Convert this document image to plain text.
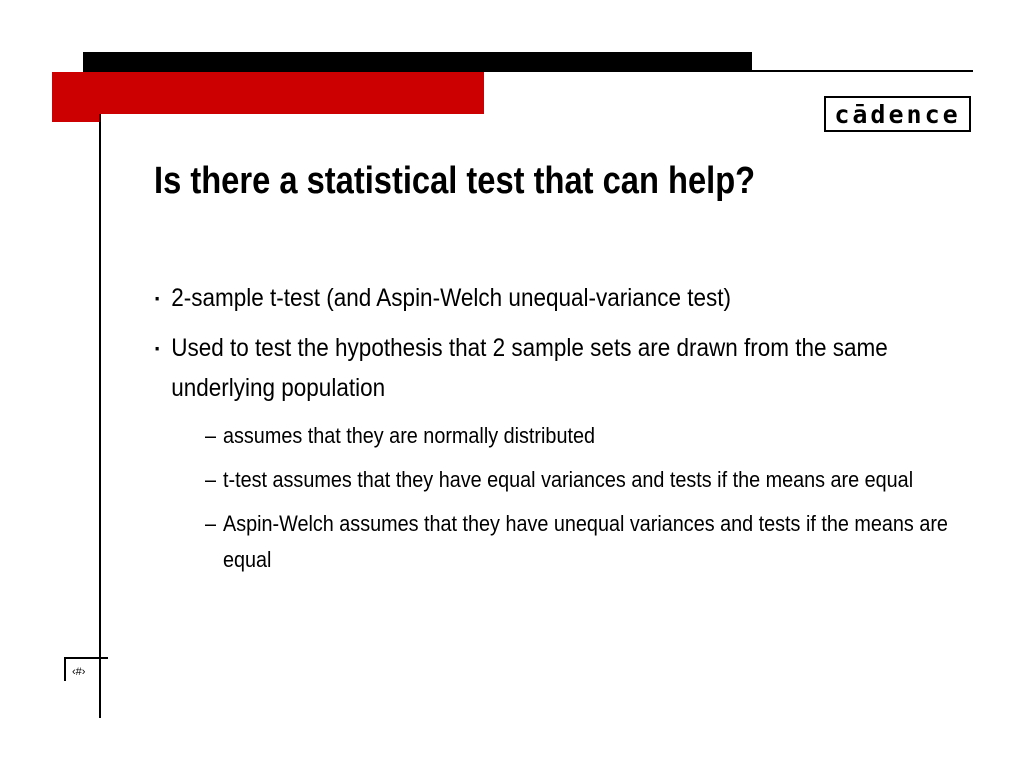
cādence
Is there a statistical test that can help?
▪ 2-sample t-test (and Aspin-Welch unequal-variance test)
▪ Used to test the hypothesis that 2 sample sets are drawn from the same underlying population
– assumes that they are normally distributed
– t-test assumes that they have equal variances and tests if the means are equal
– Aspin-Welch assumes that they have unequal variances and tests if the means are equal
‹#›
